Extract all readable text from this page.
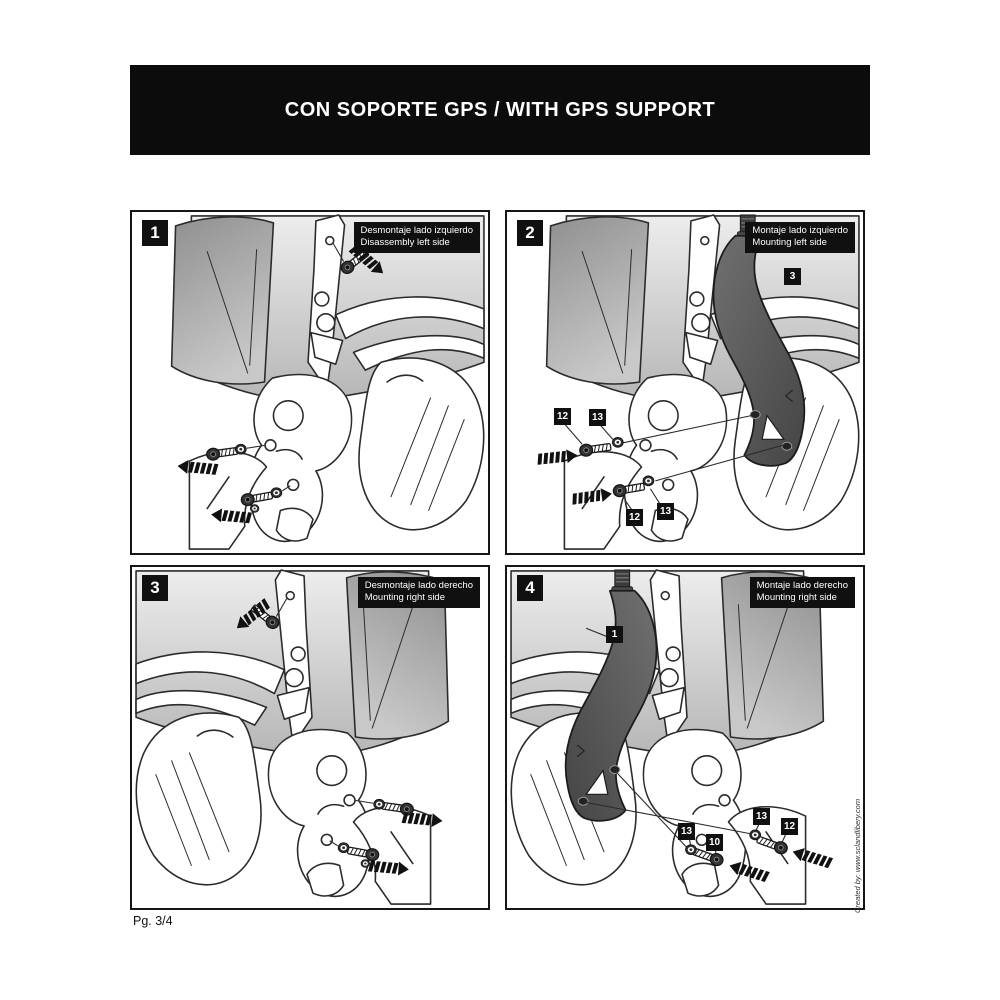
CON SOPORTE GPS / WITH GPS SUPPORT
1	Desmontaje lado izquierdo
Disassembly left side
2	Montaje lado izquierdo
Mounting left side
3
12 13
12
13
3	Desmontaje lado derecho
Mounting right side
4	Montaje lado derecho
Mounting right side
1
13
10
13
12
Pg. 3/4
Created by: www.sclandlibery.com
